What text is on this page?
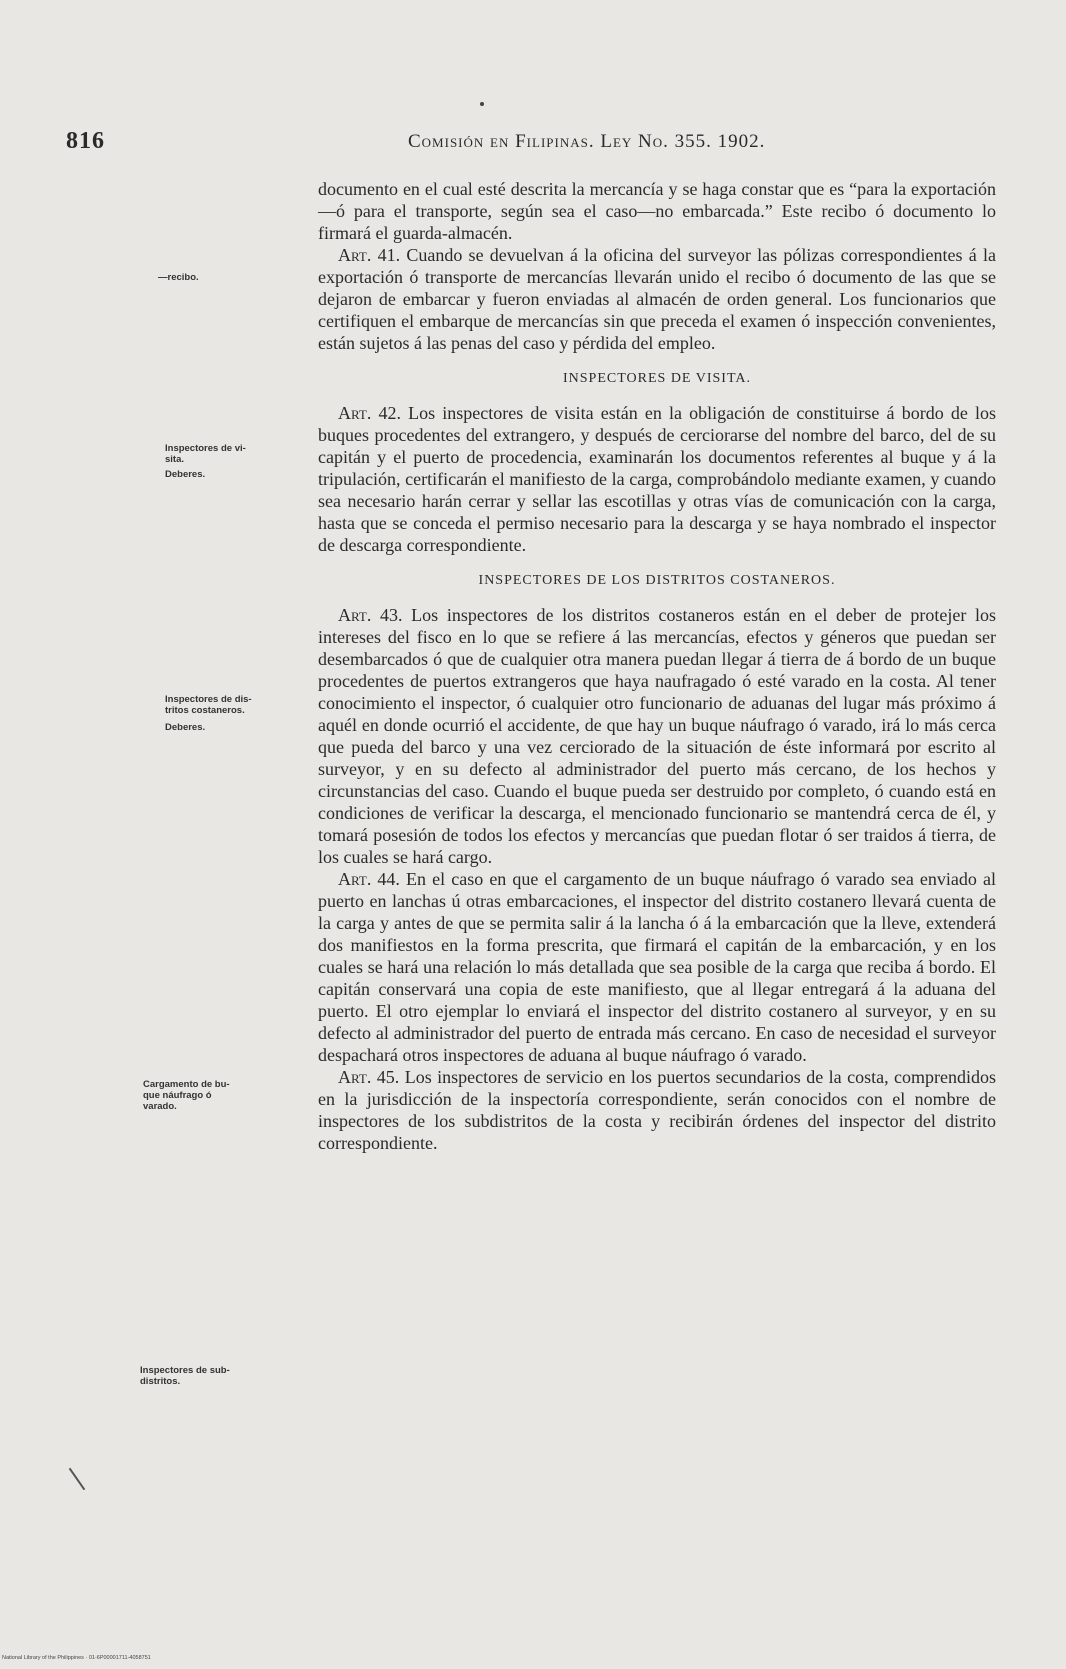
816	Comisión en Filipinas. Ley No. 355. 1902.
—recibo.
Inspectores de vi-
sita.
Deberes.
Inspectores de dis-
tritos costaneros.
Deberes.
Cargamento de bu-
que náufrago ó
varado.
Inspectores de sub-
distritos.

documento en el cual esté descrita la mercancía y se haga constar que es “para la exportación—ó para el transporte, según sea el caso—no embarcada.” Este recibo ó documento lo firmará el guarda-almacén.

Art. 41. Cuando se devuelvan á la oficina del surveyor las pólizas correspondientes á la exportación ó transporte de mercancías llevarán unido el recibo ó documento de las que se dejaron de embarcar y fueron enviadas al almacén de orden general. Los funcionarios que certifiquen el embarque de mercancías sin que preceda el examen ó inspección convenientes, están sujetos á las penas del caso y pérdida del empleo.

INSPECTORES DE VISITA.

Art. 42. Los inspectores de visita están en la obligación de constituirse á bordo de los buques procedentes del extrangero, y después de cerciorarse del nombre del barco, del de su capitán y el puerto de procedencia, examinarán los documentos referentes al buque y á la tripulación, certificarán el manifiesto de la carga, comprobándolo mediante examen, y cuando sea necesario harán cerrar y sellar las escotillas y otras vías de comunicación con la carga, hasta que se conceda el permiso necesario para la descarga y se haya nombrado el inspector de descarga correspondiente.

INSPECTORES DE LOS DISTRITOS COSTANEROS.

Art. 43. Los inspectores de los distritos costaneros están en el deber de protejer los intereses del fisco en lo que se refiere á las mercancías, efectos y géneros que puedan ser desembarcados ó que de cualquier otra manera puedan llegar á tierra de á bordo de un buque procedentes de puertos extrangeros que haya naufragado ó esté varado en la costa. Al tener conocimiento el inspector, ó cualquier otro funcionario de aduanas del lugar más próximo á aquél en donde ocurrió el accidente, de que hay un buque náufrago ó varado, irá lo más cerca que pueda del barco y una vez cerciorado de la situación de éste informará por escrito al surveyor, y en su defecto al administrador del puerto más cercano, de los hechos y circunstancias del caso. Cuando el buque pueda ser destruido por completo, ó cuando está en condiciones de verificar la descarga, el mencionado funcionario se mantendrá cerca de él, y tomará posesión de todos los efectos y mercancías que puedan flotar ó ser traidos á tierra, de los cuales se hará cargo.

Art. 44. En el caso en que el cargamento de un buque náufrago ó varado sea enviado al puerto en lanchas ú otras embarcaciones, el inspector del distrito costanero llevará cuenta de la carga y antes de que se permita salir á la lancha ó á la embarcación que la lleve, extenderá dos manifiestos en la forma prescrita, que firmará el capitán de la embarcación, y en los cuales se hará una relación lo más detallada que sea posible de la carga que reciba á bordo. El capitán conservará una copia de este manifiesto, que al llegar entregará á la aduana del puerto. El otro ejemplar lo enviará el inspector del distrito costanero al surveyor, y en su defecto al administrador del puerto de entrada más cercano. En caso de necesidad el surveyor despachará otros inspectores de aduana al buque náufrago ó varado.

Art. 45. Los inspectores de servicio en los puertos secundarios de la costa, comprendidos en la jurisdicción de la inspectoría correspondiente, serán conocidos con el nombre de inspectores de los subdistritos de la costa y recibirán órdenes del inspector del distrito correspondiente.

National Library of the Philippines · 01-6P00001711-4058751
